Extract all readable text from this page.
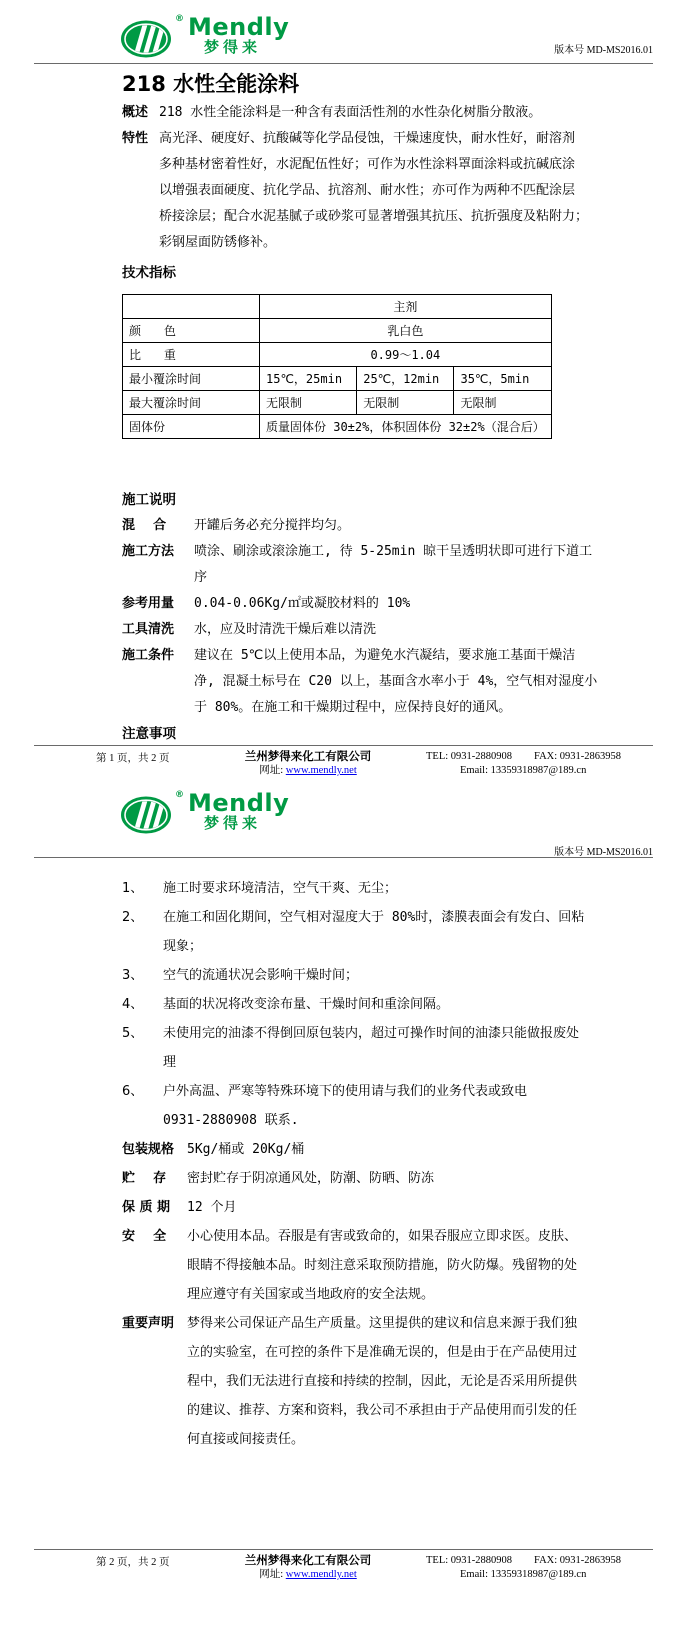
® Mendly
梦得来	版本号 MD-MS2016.01
218 水性全能涂料
概述 218 水性全能涂料是一种含有表面活性剂的水性杂化树脂分散液。
特性 高光泽、硬度好、抗酸碱等化学品侵蚀，干燥速度快，耐水性好，耐溶剂
多种基材密着性好，水泥配伍性好；可作为水性涂料罩面涂料或抗碱底涂
以增强表面硬度、抗化学品、抗溶剂、耐水性；亦可作为两种不匹配涂层
桥接涂层；配合水泥基腻子或砂浆可显著增强其抗压、抗折强度及粘附力；
彩钢屋面防锈修补。
技术指标
	主剂		
颜      色	乳白色		
比      重	0.99～1.04		
最小覆涂时间	15℃，25min	25℃，12min	35℃，5min
最大覆涂时间	无限制	无限制	无限制
固体份	质量固体份 30±2%，体积固体份 32±2%（混合后）		
施工说明
混    合	开罐后务必充分搅拌均匀。
施工方法	喷涂、刷涂或滚涂施工, 待 5-25min 晾干呈透明状即可进行下道工
序
参考用量	0.04-0.06Kg/㎡或凝胶材料的 10%
工具清洗	水，应及时清洗干燥后难以清洗
施工条件	建议在 5℃以上使用本品，为避免水汽凝结，要求施工基面干燥洁
净, 混凝土标号在 C20 以上，基面含水率小于 4%，空气相对湿度小
于 80%。在施工和干燥期过程中，应保持良好的通风。
注意事项
第 1 页，共 2 页	兰州梦得来化工有限公司
网址: www.mendly.net
TEL: 0931-2880908 FAX: 0931-2863958
Email: 13359318987@189.cn
® Mendly
梦得来
版本号 MD-MS2016.01
1、	施工时要求环境清洁，空气干爽、无尘；
2、	在施工和固化期间，空气相对湿度大于 80%时，漆膜表面会有发白、回粘
现象；
3、	空气的流通状况会影响干燥时间；
4、	基面的状况将改变涂布量、干燥时间和重涂间隔。
5、	未使用完的油漆不得倒回原包装内，超过可操作时间的油漆只能做报废处
理
6、	户外高温、严寒等特殊环境下的使用请与我们的业务代表或致电
0931-2880908 联系.
包装规格 5Kg/桶或 20Kg/桶
贮    存	密封贮存于阴凉通风处，防潮、防晒、防冻
保 质 期	12 个月
安    全	小心使用本品。吞服是有害或致命的，如果吞服应立即求医。皮肤、
眼睛不得接触本品。时刻注意采取预防措施，防火防爆。残留物的处
理应遵守有关国家或当地政府的安全法规。
重要声明 梦得来公司保证产品生产质量。这里提供的建议和信息来源于我们独
立的实验室，在可控的条件下是准确无误的，但是由于在产品使用过
程中，我们无法进行直接和持续的控制，因此，无论是否采用所提供
的建议、推荐、方案和资料，我公司不承担由于产品使用而引发的任
何直接或间接责任。
第 2 页，共 2 页	兰州梦得来化工有限公司
网址: www.mendly.net
TEL: 0931-2880908 FAX: 0931-2863958
Email: 13359318987@189.cn
